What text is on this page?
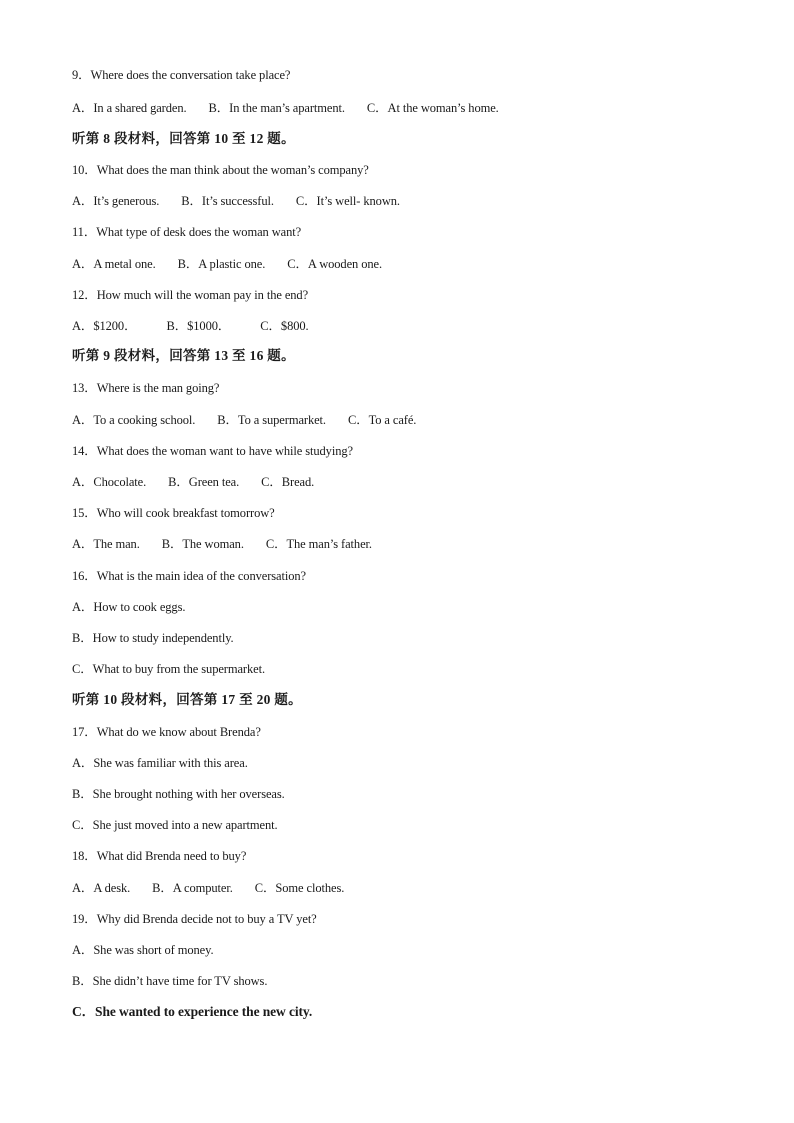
9．Where does the conversation take place?
A．In a shared garden. B．In the man’s apartment. C．At the woman’s home.
听第 8 段材料，回答第 10 至 12 题。
10．What does the man think about the woman’s company?
A．It’s generous. B．It’s successful. C．It’s well- known.
11．What type of desk does the woman want?
A．A metal one. B．A plastic one. C．A wooden one.
12．How much will the woman pay in the end?
A．$1200． B．$1000． C．$800.
听第 9 段材料，回答第 13 至 16 题。
13．Where is the man going?
A．To a cooking school. B．To a supermarket. C．To a café.
14．What does the woman want to have while studying?
A．Chocolate. B．Green tea. C．Bread.
15．Who will cook breakfast tomorrow?
A．The man. B．The woman. C．The man’s father.
16．What is the main idea of the conversation?
A．How to cook eggs.
B．How to study independently.
C．What to buy from the supermarket.
听第 10 段材料，回答第 17 至 20 题。
17．What do we know about Brenda?
A．She was familiar with this area.
B．She brought nothing with her overseas.
C．She just moved into a new apartment.
18．What did Brenda need to buy?
A．A desk. B．A computer. C．Some clothes.
19．Why did Brenda decide not to buy a TV yet?
A．She was short of money.
B．She didn’t have time for TV shows.
C．She wanted to experience the new city.
